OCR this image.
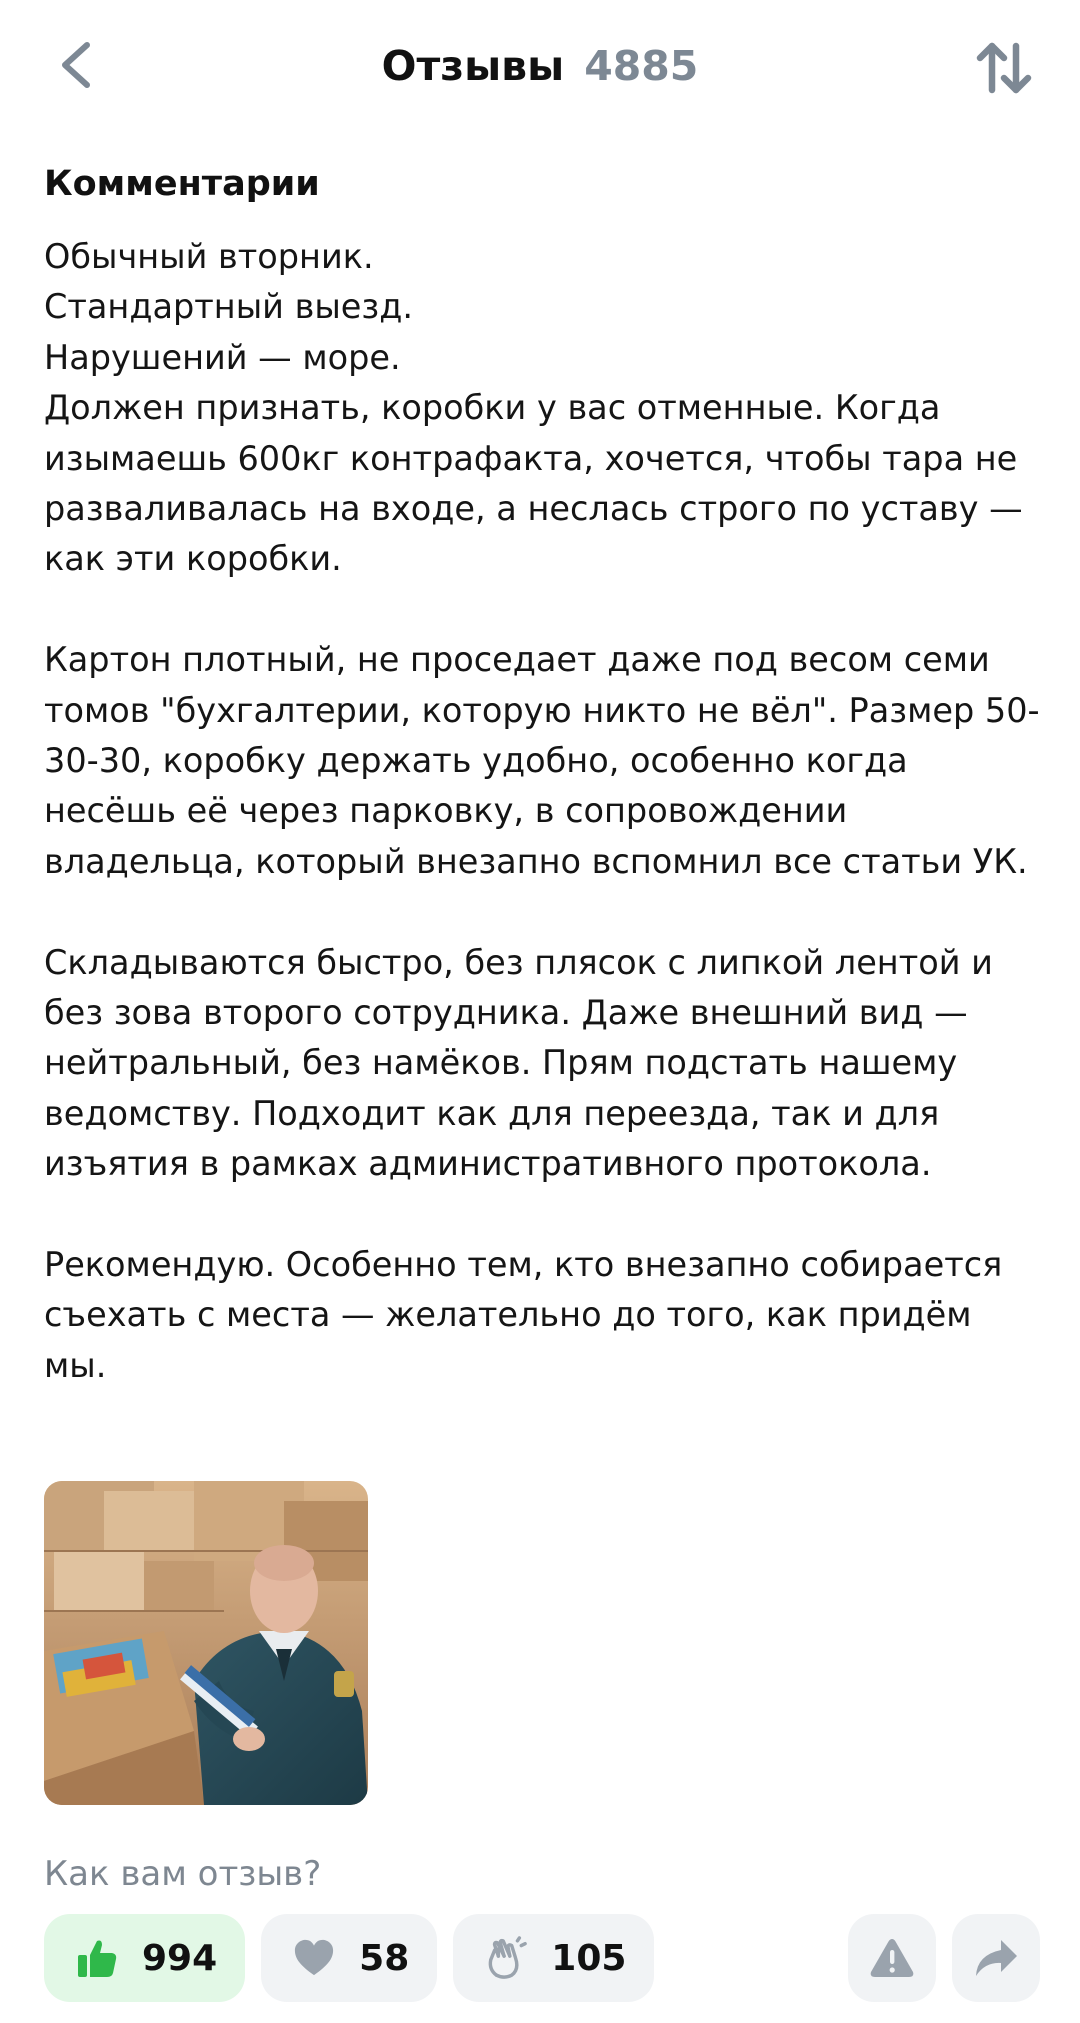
Отзывы 4885
Комментарии

Обычный вторник.
Стандартный выезд.
Нарушений — море.
Должен признать, коробки у вас отменные. Когда изымаешь 600кг контрафакта, хочется, чтобы тара не разваливалась на входе, а неслась строго по уставу — как эти коробки.

Картон плотный, не проседает даже под весом семи томов "бухгалтерии, которую никто не вёл". Размер 50-30-30, коробку держать удобно, особенно когда несёшь её через парковку, в сопровождении владельца, который внезапно вспомнил все статьи УК.

Складываются быстро, без плясок с липкой лентой и без зова второго сотрудника. Даже внешний вид — нейтральный, без намёков. Прям подстать нашему ведомству. Подходит как для переезда, так и для изъятия в рамках административного протокола.

Рекомендую. Особенно тем, кто внезапно собирается съехать с места — желательно до того, как придём мы.

Как вам отзыв?
994	58	105
